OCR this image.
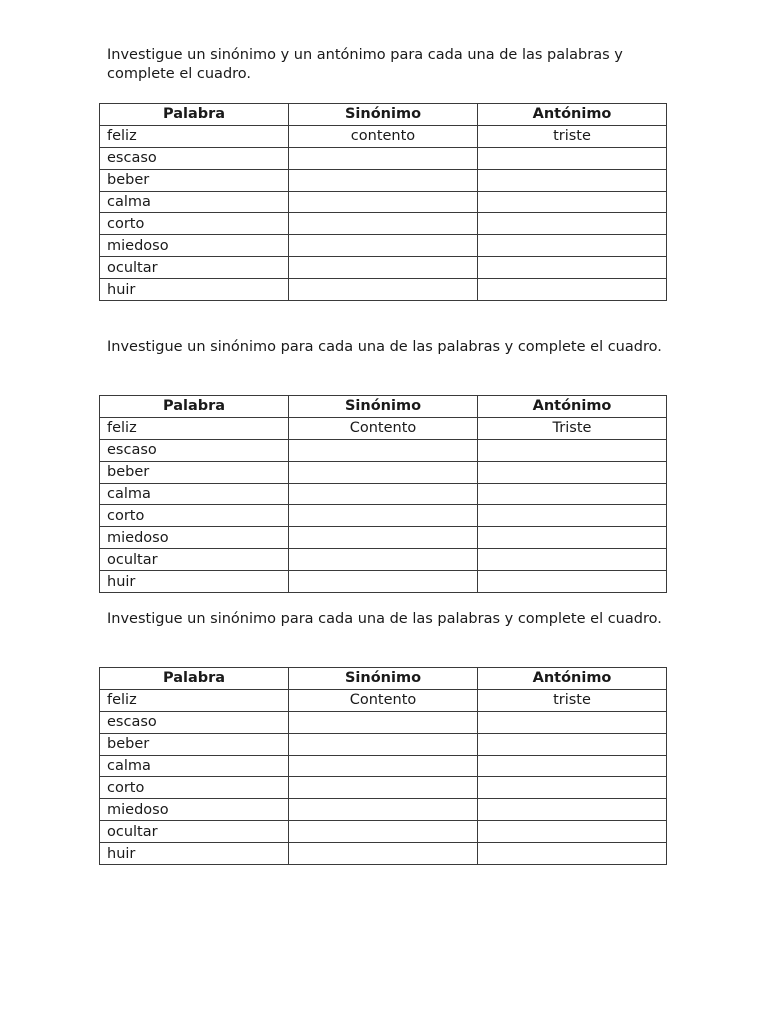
Investigue un sinónimo y un antónimo para cada una de las palabras y complete el cuadro.

Palabra	Sinónimo	Antónimo
feliz	contento	triste
escaso		
beber		
calma		
corto		
miedoso		
ocultar		
huir		

Investigue un sinónimo para cada una de las palabras y complete el cuadro.

Palabra	Sinónimo	Antónimo
feliz	Contento	Triste
escaso		
beber		
calma		
corto		
miedoso		
ocultar		
huir		

Investigue un sinónimo para cada una de las palabras y complete el cuadro.

Palabra	Sinónimo	Antónimo
feliz	Contento	triste
escaso		
beber		
calma		
corto		
miedoso		
ocultar		
huir		
